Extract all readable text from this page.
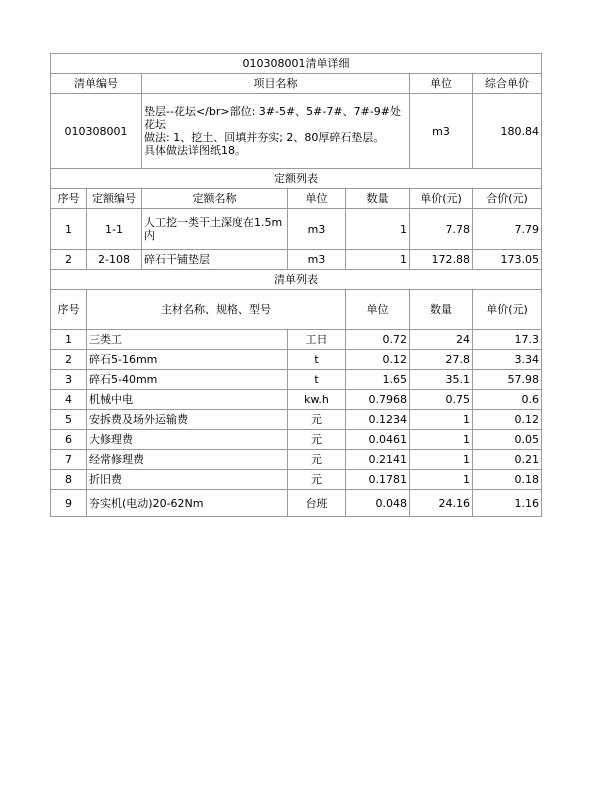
010308001清单详细							
清单编号		项目名称			单位	综合单价	
010308001		垫层--花坛</br>部位: 3#-5#、5#-7#、7#-9#处花坛
做法: 1、挖土、回填并夯实; 2、80厚碎石垫层。
具体做法详图纸18。			m3	180.84	
定额列表							
序号	定额编号	定额名称	单位	数量	单价(元)	合价(元)	
1	1-1	人工挖一类干土深度在1.5m内	m3	1	7.78	7.79	
2	2-108	碎石干铺垫层	m3	1	172.88	173.05	
清单列表							
序号	主材名称、规格、型号			单位	数量	单价(元)	
1	三类工	工日	0.72	24	17.3
2	碎石5-16mm	t	0.12	27.8	3.34
3	碎石5-40mm	t	1.65	35.1	57.98
4	机械中电	kw.h	0.7968	0.75	0.6
5	安拆费及场外运输费	元	0.1234	1	0.12
6	大修理费	元	0.0461	1	0.05
7	经常修理费	元	0.2141	1	0.21
8	折旧费	元	0.1781	1	0.18
9	夯实机(电动)20-62Nm	台班	0.048	24.16	1.16
